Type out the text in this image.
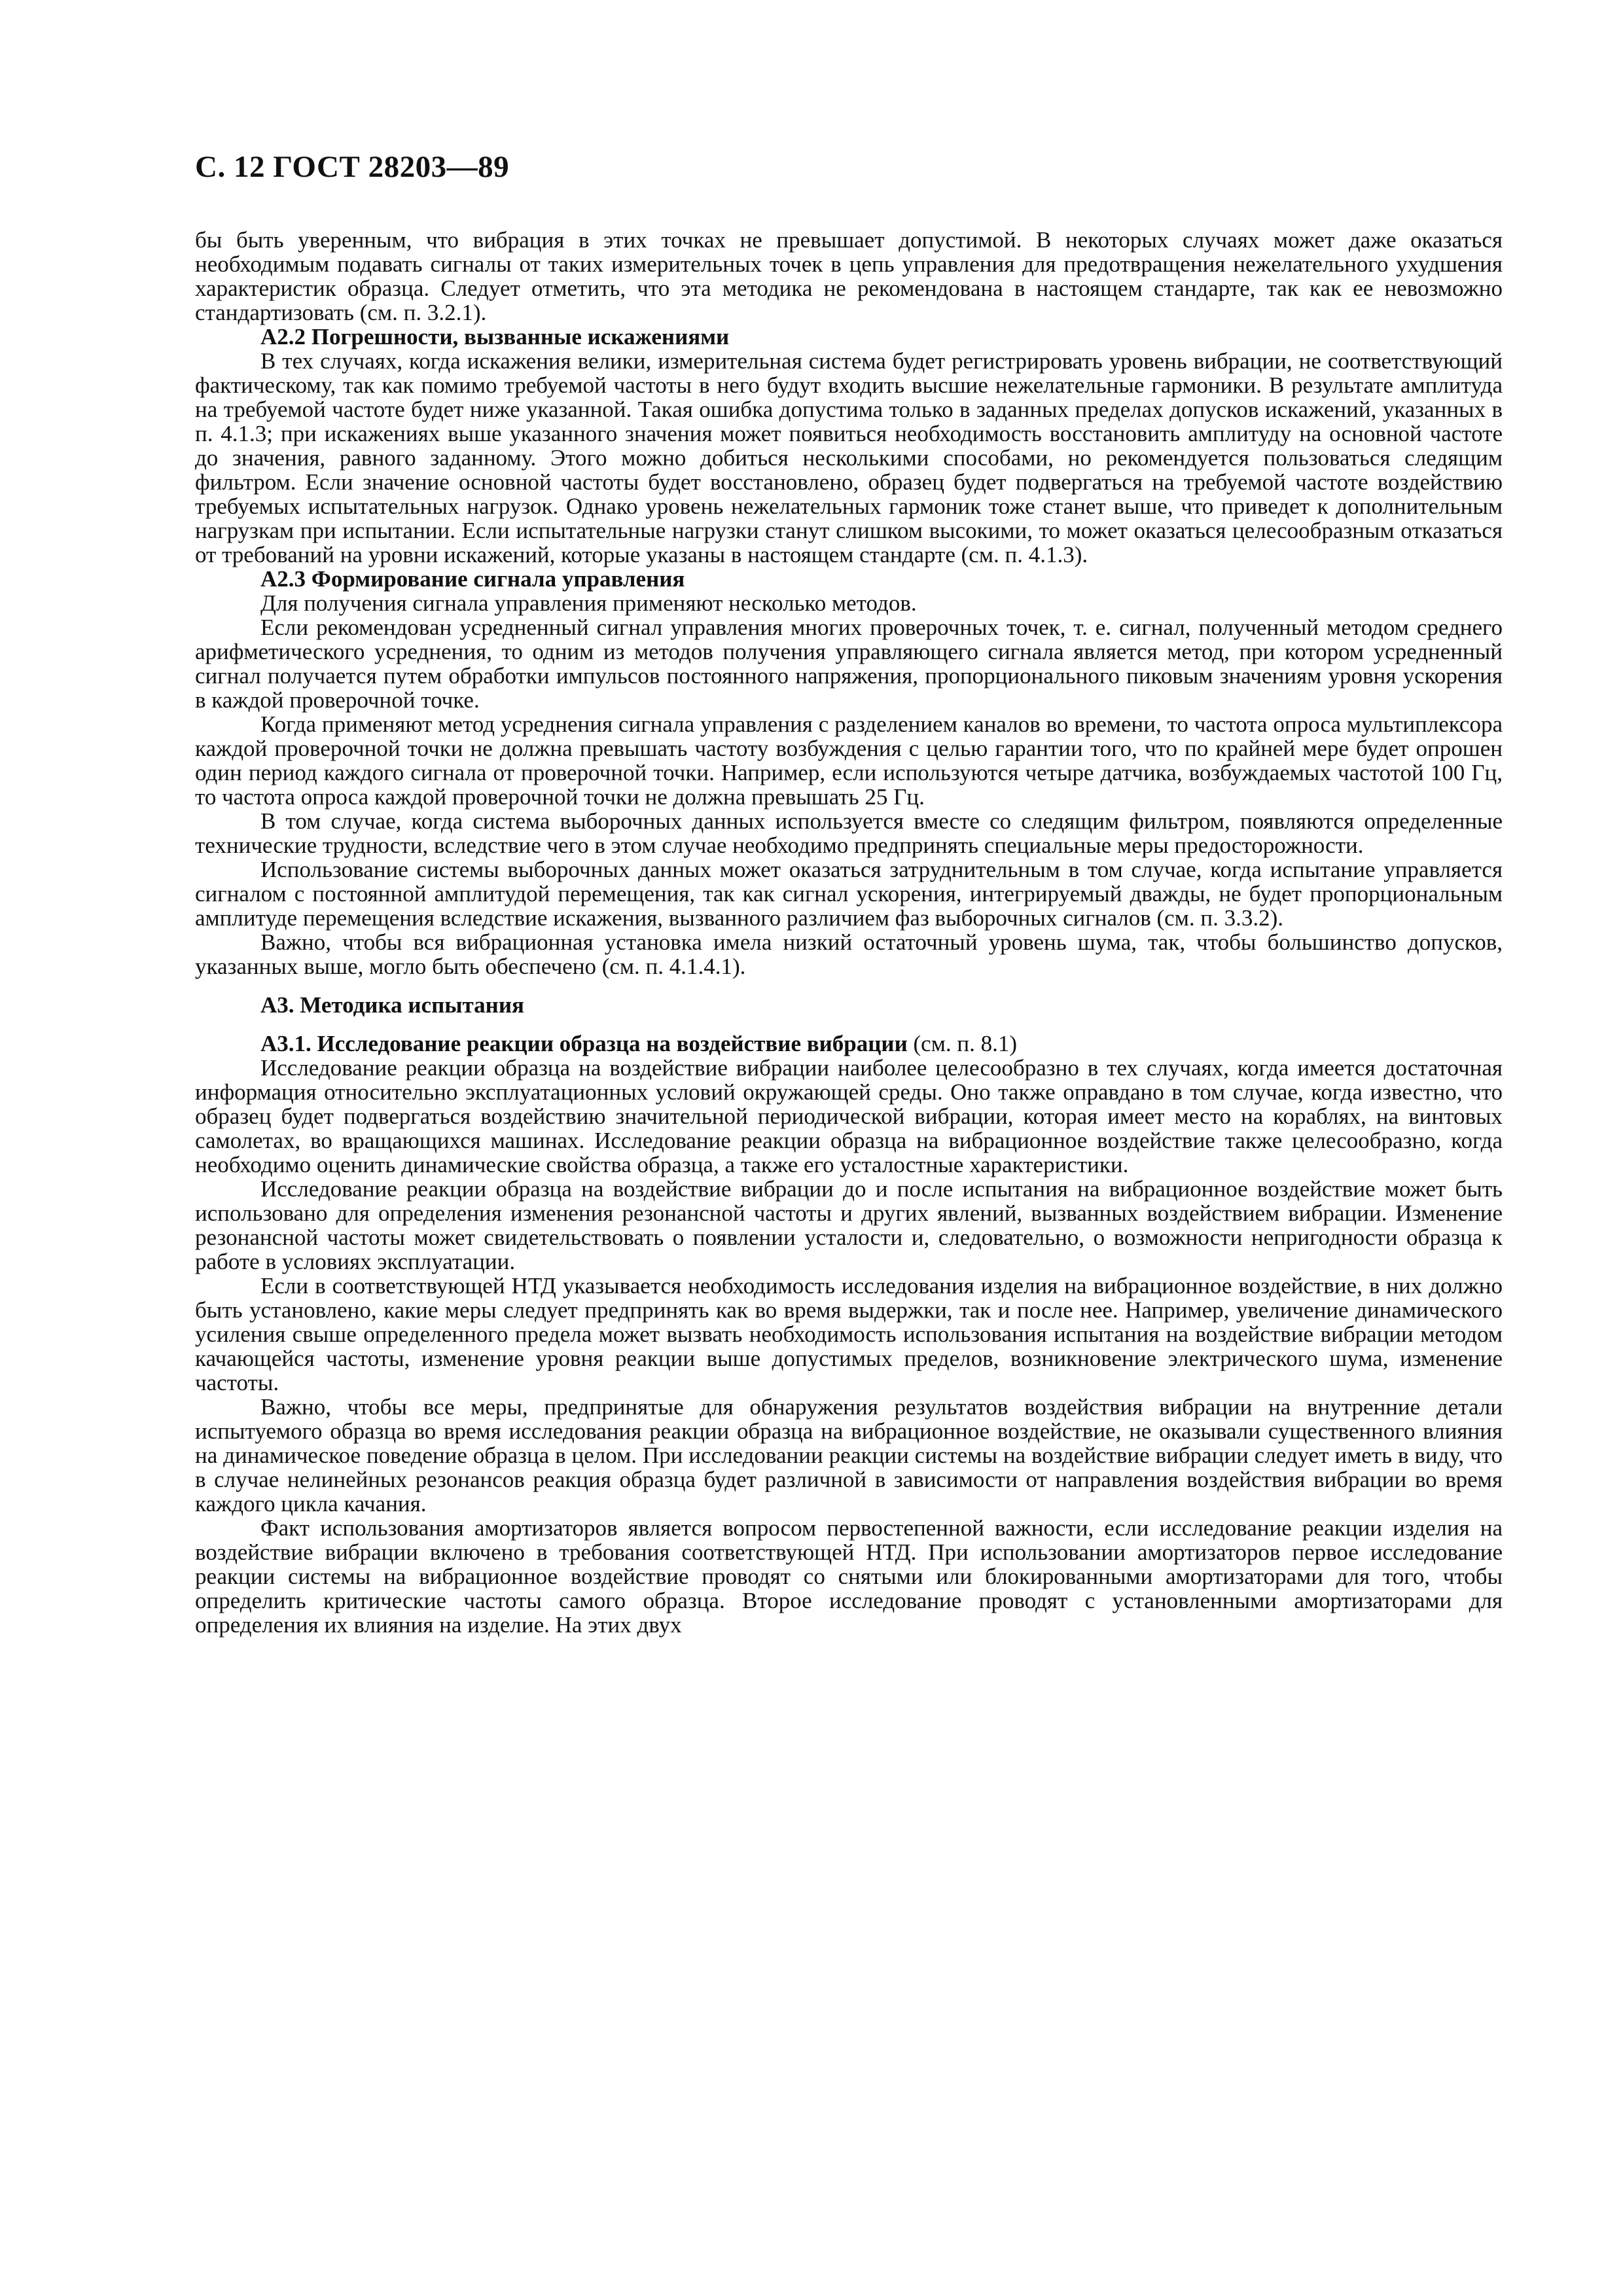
С. 12 ГОСТ 28203—89

бы быть уверенным, что вибрация в этих точках не превышает допустимой. В некоторых случаях может даже оказаться необходимым подавать сигналы от таких измерительных точек в цепь управления для предотвращения нежелательного ухудшения характеристик образца. Следует отметить, что эта методика не рекомендована в настоящем стандарте, так как ее невозможно стандартизовать (см. п. 3.2.1).

А2.2 Погрешности, вызванные искажениями

В тех случаях, когда искажения велики, измерительная система будет регистрировать уровень вибрации, не соответствующий фактическому, так как помимо требуемой частоты в него будут входить высшие нежелательные гармоники. В результате амплитуда на требуемой частоте будет ниже указанной. Такая ошибка допустима только в заданных пределах допусков искажений, указанных в п. 4.1.3; при искажениях выше указанного значения может появиться необходимость восстановить амплитуду на основной частоте до значения, равного заданному. Этого можно добиться несколькими способами, но рекомендуется пользоваться следящим фильтром. Если значение основной частоты будет восстановлено, образец будет подвергаться на требуемой частоте воздействию требуемых испытательных нагрузок. Однако уровень нежелательных гармоник тоже станет выше, что приведет к дополнительным нагрузкам при испытании. Если испытательные нагрузки станут слишком высокими, то может оказаться целесообразным отказаться от требований на уровни искажений, которые указаны в настоящем стандарте (см. п. 4.1.3).

А2.3 Формирование сигнала управления

Для получения сигнала управления применяют несколько методов.

Если рекомендован усредненный сигнал управления многих проверочных точек, т. е. сигнал, полученный методом среднего арифметического усреднения, то одним из методов получения управляющего сигнала является метод, при котором усредненный сигнал получается путем обработки импульсов постоянного напряжения, пропорционального пиковым значениям уровня ускорения в каждой проверочной точке.

Когда применяют метод усреднения сигнала управления с разделением каналов во времени, то частота опроса мультиплексора каждой проверочной точки не должна превышать частоту возбуждения с целью гарантии того, что по крайней мере будет опрошен один период каждого сигнала от проверочной точки. Например, если используются четыре датчика, возбуждаемых частотой 100 Гц, то частота опроса каждой проверочной точки не должна превышать 25 Гц.

В том случае, когда система выборочных данных используется вместе со следящим фильтром, появляются определенные технические трудности, вследствие чего в этом случае необходимо предпринять специальные меры предосторожности.

Использование системы выборочных данных может оказаться затруднительным в том случае, когда испытание управляется сигналом с постоянной амплитудой перемещения, так как сигнал ускорения, интегрируемый дважды, не будет пропорциональным амплитуде перемещения вследствие искажения, вызванного различием фаз выборочных сигналов (см. п. 3.3.2).

Важно, чтобы вся вибрационная установка имела низкий остаточный уровень шума, так, чтобы большинство допусков, указанных выше, могло быть обеспечено (см. п. 4.1.4.1).

А3. Методика испытания

А3.1. Исследование реакции образца на воздействие вибрации (см. п. 8.1)

Исследование реакции образца на воздействие вибрации наиболее целесообразно в тех случаях, когда имеется достаточная информация относительно эксплуатационных условий окружающей среды. Оно также оправдано в том случае, когда известно, что образец будет подвергаться воздействию значительной периодической вибрации, которая имеет место на кораблях, на винтовых самолетах, во вращающихся машинах. Исследование реакции образца на вибрационное воздействие также целесообразно, когда необходимо оценить динамические свойства образца, а также его усталостные характеристики.

Исследование реакции образца на воздействие вибрации до и после испытания на вибрационное воздействие может быть использовано для определения изменения резонансной частоты и других явлений, вызванных воздействием вибрации. Изменение резонансной частоты может свидетельствовать о появлении усталости и, следовательно, о возможности непригодности образца к работе в условиях эксплуатации.

Если в соответствующей НТД указывается необходимость исследования изделия на вибрационное воздействие, в них должно быть установлено, какие меры следует предпринять как во время выдержки, так и после нее. Например, увеличение динамического усиления свыше определенного предела может вызвать необходимость использования испытания на воздействие вибрации методом качающейся частоты, изменение уровня реакции выше допустимых пределов, возникновение электрического шума, изменение частоты.

Важно, чтобы все меры, предпринятые для обнаружения результатов воздействия вибрации на внутренние детали испытуемого образца во время исследования реакции образца на вибрационное воздействие, не оказывали существенного влияния на динамическое поведение образца в целом. При исследовании реакции системы на воздействие вибрации следует иметь в виду, что в случае нелинейных резонансов реакция образца будет различной в зависимости от направления воздействия вибрации во время каждого цикла качания.

Факт использования амортизаторов является вопросом первостепенной важности, если исследование реакции изделия на воздействие вибрации включено в требования соответствующей НТД. При использовании амортизаторов первое исследование реакции системы на вибрационное воздействие проводят со снятыми или блокированными амортизаторами для того, чтобы определить критические частоты самого образца. Второе исследование проводят с установленными амортизаторами для определения их влияния на изделие. На этих двух
